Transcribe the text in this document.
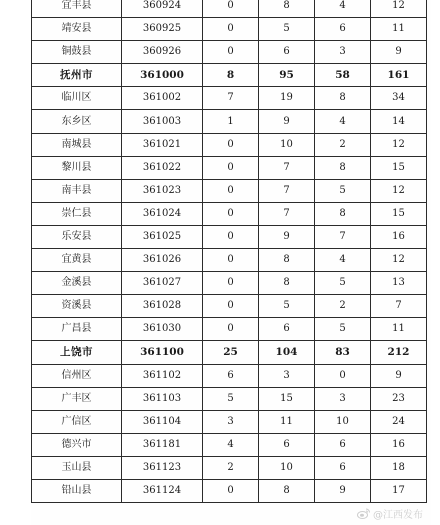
宜丰县	360924	0	8	4	12
靖安县	360925	0	5	6	11
铜鼓县	360926	0	6	3	9
抚州市	361000	8	95	58	161
临川区	361002	7	19	8	34
东乡区	361003	1	9	4	14
南城县	361021	0	10	2	12
黎川县	361022	0	7	8	15
南丰县	361023	0	7	5	12
崇仁县	361024	0	7	8	15
乐安县	361025	0	9	7	16
宜黄县	361026	0	8	4	12
金溪县	361027	0	8	5	13
资溪县	361028	0	5	2	7
广昌县	361030	0	6	5	11
上饶市	361100	25	104	83	212
信州区	361102	6	3	0	9
广丰区	361103	5	15	3	23
广信区	361104	3	11	10	24
德兴市	361181	4	6	6	16
玉山县	361123	2	10	6	18
铅山县	361124	0	8	9	17
@江西发布
